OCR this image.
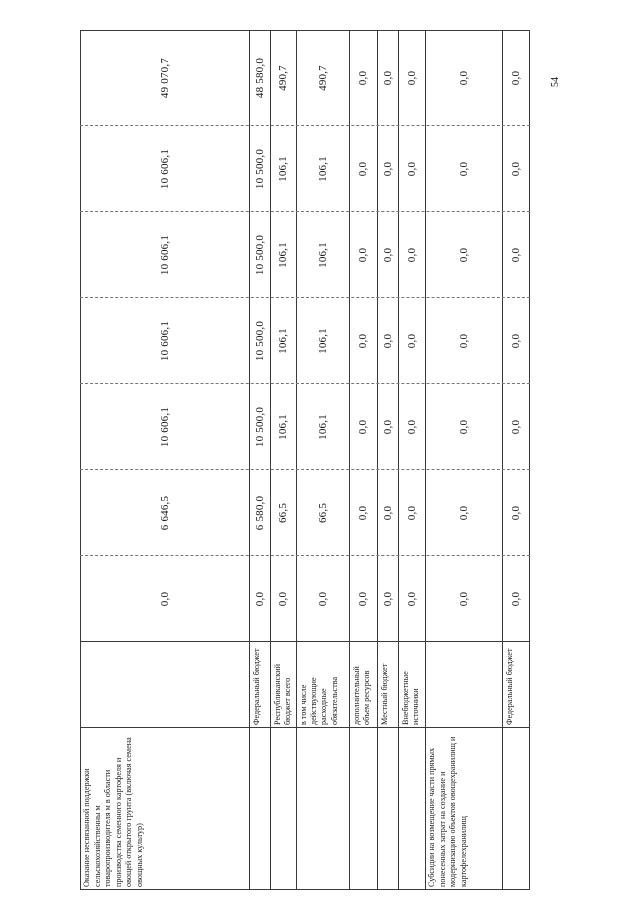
Оказание несвязанной поддержки сельскохозяйственны м товаропроизводителя м в области производства семенного картофеля и овощей открытого грунта (включая семена овощных культур)
0,0
6 646,5
10 606,1
10 606,1
10 606,1
10 606,1
49 070,7
Федеральный бюджет
0,0
6 580,0
10 500,0
10 500,0
10 500,0
10 500,0
48 580,0
Республиканский бюджет всего
0,0
66,5
106,1
106,1
106,1
106,1
490,7
в том числе действующие расходные обязательства
0,0
66,5
106,1
106,1
106,1
106,1
490,7
дополнительный объем ресурсов
0,0
0,0
0,0
0,0
0,0
0,0
0,0
Местный бюджет
0,0
0,0
0,0
0,0
0,0
0,0
0,0
Внебюджетные источники
0,0
0,0
0,0
0,0
0,0
0,0
0,0
Субсидии на возмещение части прямых понесенных затрат на создание и модернизацию объектов овощехранилищ и картофелехранилищ
0,0
0,0
0,0
0,0
0,0
0,0
0,0
Федеральный бюджет
0,0
0,0
0,0
0,0
0,0
0,0
0,0	54
